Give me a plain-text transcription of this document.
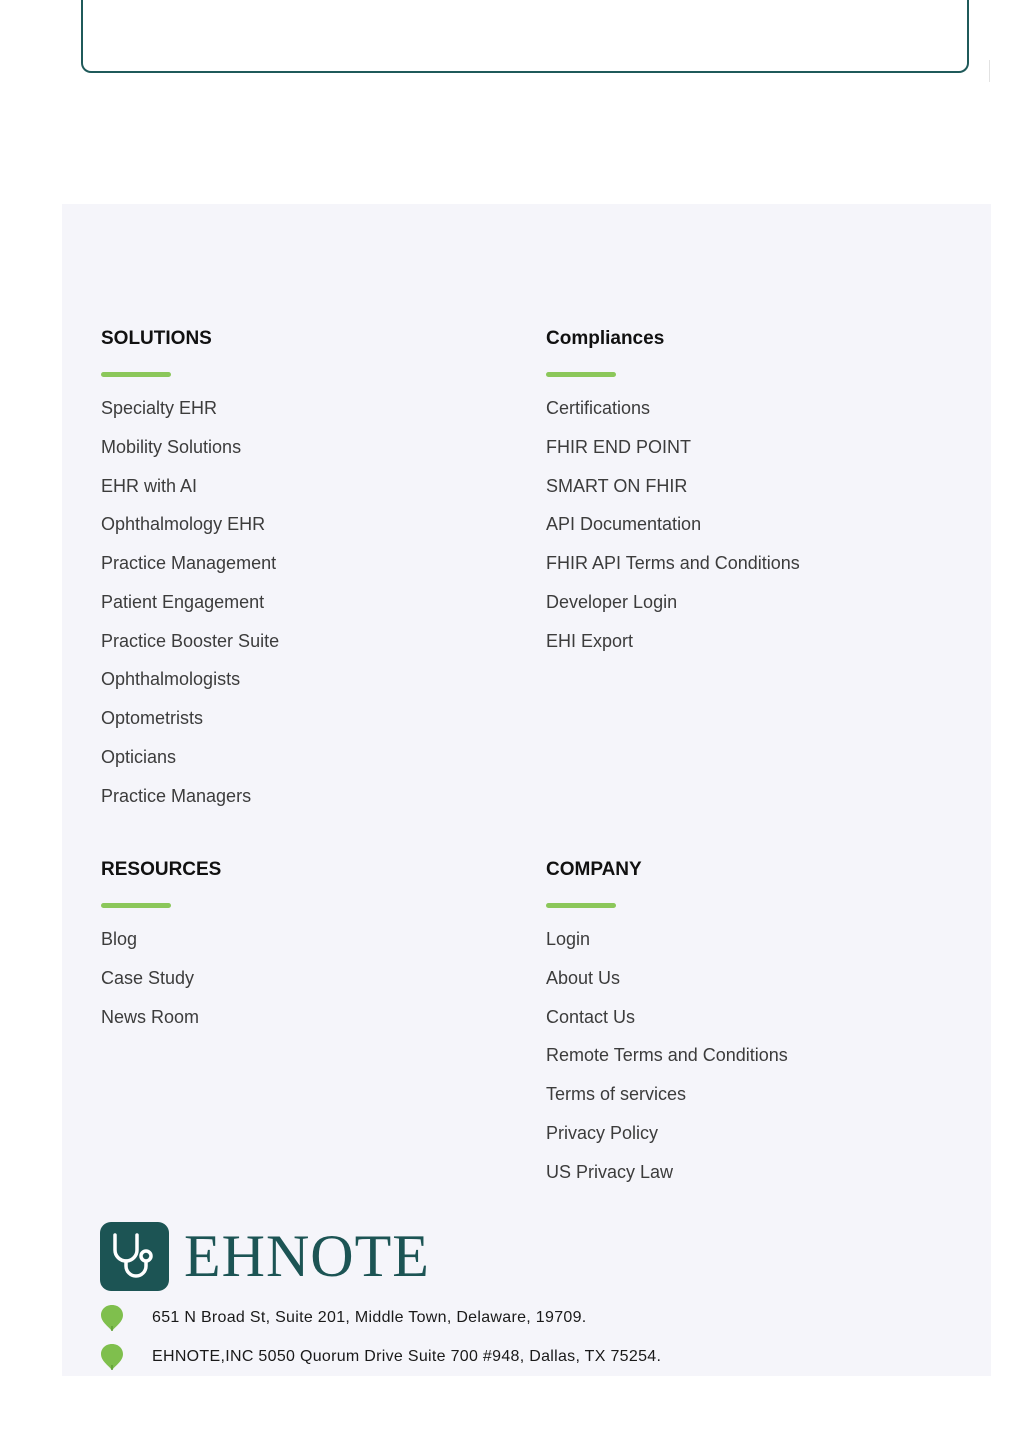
SOLUTIONS
Specialty EHR
Mobility Solutions
EHR with AI
Ophthalmology EHR
Practice Management
Patient Engagement
Practice Booster Suite
Ophthalmologists
Optometrists
Opticians
Practice Managers
Compliances
Certifications
FHIR END POINT
SMART ON FHIR
API Documentation
FHIR API Terms and Conditions
Developer Login
EHI Export
RESOURCES
Blog
Case Study
News Room
COMPANY
Login
About Us
Contact Us
Remote Terms and Conditions
Terms of services
Privacy Policy
US Privacy Law
EHNOTE
651 N Broad St, Suite 201, Middle Town, Delaware, 19709.
EHNOTE,INC 5050 Quorum Drive Suite 700 #948, Dallas, TX 75254.
